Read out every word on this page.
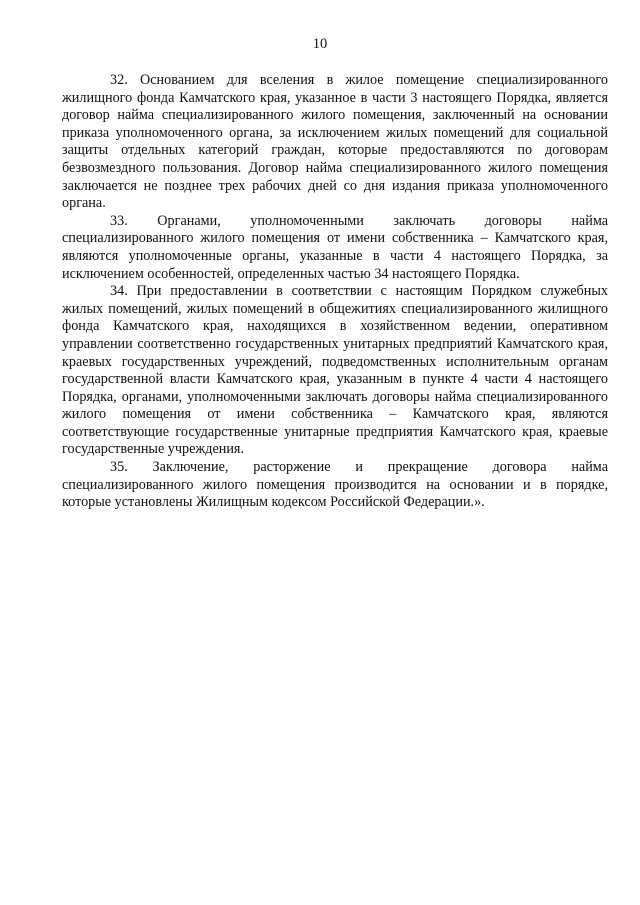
10

32. Основанием для вселения в жилое помещение специализированного жилищного фонда Камчатского края, указанное в части 3 настоящего Порядка, является договор найма специализированного жилого помещения, заключенный на основании приказа уполномоченного органа, за исключением жилых помещений для социальной защиты отдельных категорий граждан, которые предоставляются по договорам безвозмездного пользования. Договор найма специализированного жилого помещения заключается не позднее трех рабочих дней со дня издания приказа уполномоченного органа.

33. Органами, уполномоченными заключать договоры найма специализированного жилого помещения от имени собственника – Камчатского края, являются уполномоченные органы, указанные в части 4 настоящего Порядка, за исключением особенностей, определенных частью 34 настоящего Порядка.

34. При предоставлении в соответствии с настоящим Порядком служебных жилых помещений, жилых помещений в общежитиях специализированного жилищного фонда Камчатского края, находящихся в хозяйственном ведении, оперативном управлении соответственно государственных унитарных предприятий Камчатского края, краевых государственных учреждений, подведомственных исполнительным органам государственной власти Камчатского края, указанным в пункте 4 части 4 настоящего Порядка, органами, уполномоченными заключать договоры найма специализированного жилого помещения от имени собственника – Камчатского края, являются соответствующие государственные унитарные предприятия Камчатского края, краевые государственные учреждения.

35. Заключение, расторжение и прекращение договора найма специализированного жилого помещения производится на основании и в порядке, которые установлены Жилищным кодексом Российской Федерации.».
